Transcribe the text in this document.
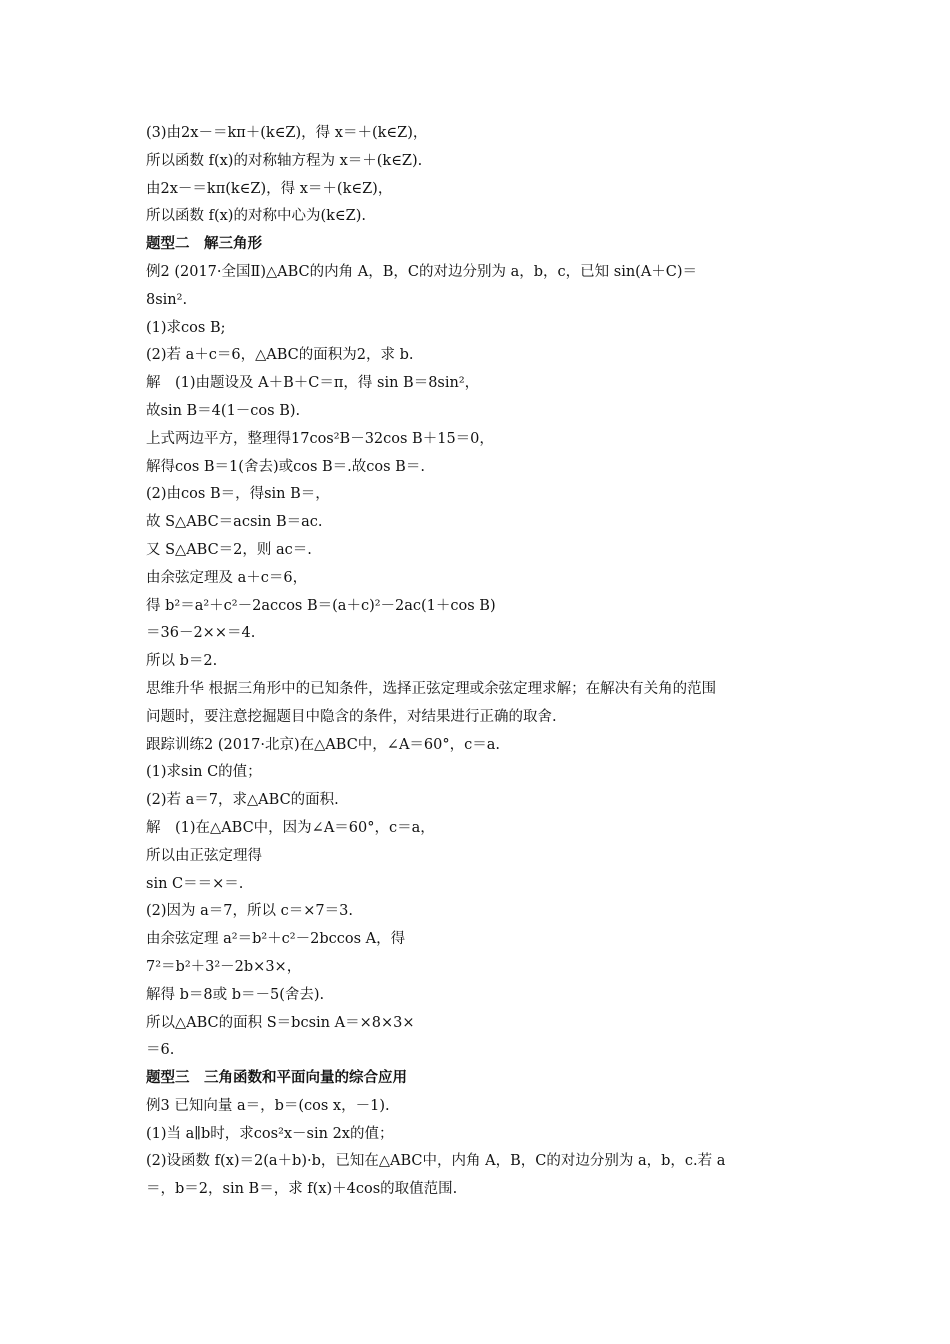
(3)由2x－＝kπ＋(k∈Z)，得 x＝＋(k∈Z)，
所以函数 f(x)的对称轴方程为 x＝＋(k∈Z).
由2x－＝kπ(k∈Z)，得 x＝＋(k∈Z)，
所以函数 f(x)的对称中心为(k∈Z).
题型二　解三角形
例2 (2017·全国Ⅱ)△ABC的内角 A，B，C的对边分别为 a，b，c，已知 sin(A＋C)＝
8sin².
(1)求cos B;
(2)若 a＋c＝6，△ABC的面积为2，求 b.
解　(1)由题设及 A＋B＋C＝π，得 sin B＝8sin²，
故sin B＝4(1－cos B).
上式两边平方，整理得17cos²B－32cos B＋15＝0，
解得cos B＝1(舍去)或cos B＝.故cos B＝.
(2)由cos B＝，得sin B＝，
故 S△ABC＝acsin B＝ac.
又 S△ABC＝2，则 ac＝.
由余弦定理及 a＋c＝6，
得 b²＝a²＋c²－2accos B＝(a＋c)²－2ac(1＋cos B)
＝36－2××＝4.
所以 b＝2.
思维升华 根据三角形中的已知条件，选择正弦定理或余弦定理求解；在解决有关角的范围
问题时，要注意挖掘题目中隐含的条件，对结果进行正确的取舍.
跟踪训练2 (2017·北京)在△ABC中，∠A＝60°，c＝a.
(1)求sin C的值；
(2)若 a＝7，求△ABC的面积.
解　(1)在△ABC中，因为∠A＝60°，c＝a，
所以由正弦定理得
sin C＝＝×＝.
(2)因为 a＝7，所以 c＝×7＝3.
由余弦定理 a²＝b²＋c²－2bccos A，得
7²＝b²＋3²－2b×3×，
解得 b＝8或 b＝－5(舍去).
所以△ABC的面积 S＝bcsin A＝×8×3×
＝6.
题型三　三角函数和平面向量的综合应用
例3 已知向量 a＝，b＝(cos x，－1).
(1)当 a∥b时，求cos²x－sin 2x的值；
(2)设函数 f(x)＝2(a＋b)·b，已知在△ABC中，内角 A，B，C的对边分别为 a，b，c.若 a
＝，b＝2，sin B＝，求 f(x)＋4cos的取值范围.
